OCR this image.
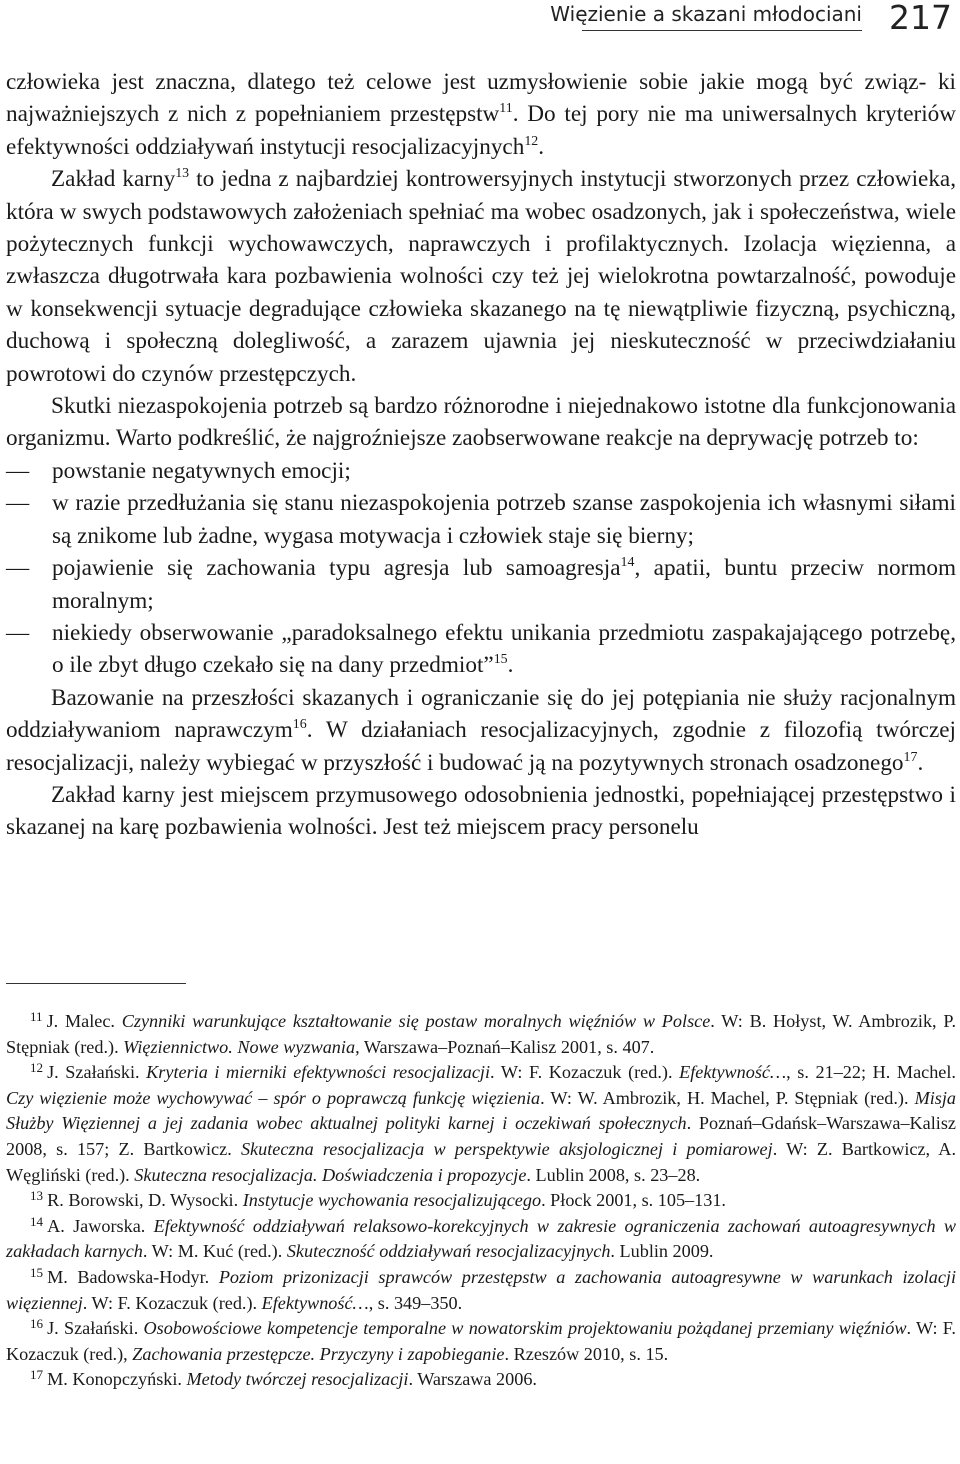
Więzienie a skazani młodociani 217

człowieka jest znaczna, dlatego też celowe jest uzmysłowienie sobie jakie mogą być związ- ki najważniejszych z nich z popełnianiem przestępstw$^{11}$. Do tej pory nie ma uniwersalnych kryteriów efektywności oddziaływań instytucji resocjalizacyjnych$^{12}$.

Zakład karny$^{13}$ to jedna z najbardziej kontrowersyjnych instytucji stworzonych przez człowieka, która w swych podstawowych założeniach spełniać ma wobec osadzonych, jak i społeczeństwa, wiele pożytecznych funkcji wychowawczych, naprawczych i profilaktycznych. Izolacja więzienna, a zwłaszcza długotrwała kara pozbawienia wolności czy też jej wielokrotna powtarzalność, powoduje w konsekwencji sytuacje degradujące człowieka skazanego na tę niewątpliwie fizyczną, psychiczną, duchową i społeczną dolegliwość, a zarazem ujawnia jej nieskuteczność w przeciwdziałaniu powrotowi do czynów przestępczych.

Skutki niezaspokojenia potrzeb są bardzo różnorodne i niejednakowo istotne dla funkcjonowania organizmu. Warto podkreślić, że najgroźniejsze zaobserwowane reakcje na deprywację potrzeb to:

— powstanie negatywnych emocji;
— w razie przedłużania się stanu niezaspokojenia potrzeb szanse zaspokojenia ich własnymi siłami są znikome lub żadne, wygasa motywacja i człowiek staje się bierny;
— pojawienie się zachowania typu agresja lub samoagresja$^{14}$, apatii, buntu przeciw normom moralnym;
— niekiedy obserwowanie „paradoksalnego efektu unikania przedmiotu zaspakajającego potrzebę, o ile zbyt długo czekało się na dany przedmiot”$^{15}$.

Bazowanie na przeszłości skazanych i ograniczanie się do jej potępiania nie służy racjonalnym oddziaływaniom naprawczym$^{16}$. W działaniach resocjalizacyjnych, zgodnie z filozofią twórczej resocjalizacji, należy wybiegać w przyszłość i budować ją na pozytywnych stronach osadzonego$^{17}$.

Zakład karny jest miejscem przymusowego odosobnienia jednostki, popełniającej przestępstwo i skazanej na karę pozbawienia wolności. Jest też miejscem pracy personelu

$^{11}$ J. Malec. Czynniki warunkujące kształtowanie się postaw moralnych więźniów w Polsce. W: B. Hołyst, W. Ambrozik, P. Stępniak (red.). Więziennictwo. Nowe wyzwania, Warszawa–Poznań–Kalisz 2001, s. 407.

$^{12}$ J. Szałański. Kryteria i mierniki efektywności resocjalizacji. W: F. Kozaczuk (red.). Efektywność…, s. 21–22; H. Machel. Czy więzienie może wychowywać – spór o poprawczą funkcję więzienia. W: W. Ambrozik, H. Machel, P. Stępniak (red.). Misja Służby Więziennej a jej zadania wobec aktualnej polityki karnej i oczekiwań społecznych. Poznań–Gdańsk–Warszawa–Kalisz 2008, s. 157; Z. Bartkowicz. Skuteczna resocjalizacja w perspektywie aksjologicznej i pomiarowej. W: Z. Bartkowicz, A. Węgliński (red.). Skuteczna resocjalizacja. Doświadczenia i propozycje. Lublin 2008, s. 23–28.

$^{13}$ R. Borowski, D. Wysocki. Instytucje wychowania resocjalizującego. Płock 2001, s. 105–131.

$^{14}$ A. Jaworska. Efektywność oddziaływań relaksowo-korekcyjnych w zakresie ograniczenia zachowań autoagresywnych w zakładach karnych. W: M. Kuć (red.). Skuteczność oddziaływań resocjalizacyjnych. Lublin 2009.

$^{15}$ M. Badowska-Hodyr. Poziom prizonizacji sprawców przestępstw a zachowania autoagresywne w warunkach izolacji więziennej. W: F. Kozaczuk (red.). Efektywność…, s. 349–350.

$^{16}$ J. Szałański. Osobowościowe kompetencje temporalne w nowatorskim projektowaniu pożądanej przemiany więźniów. W: F. Kozaczuk (red.), Zachowania przestępcze. Przyczyny i zapobieganie. Rzeszów 2010, s. 15.

$^{17}$ M. Konopczyński. Metody twórczej resocjalizacji. Warszawa 2006.
